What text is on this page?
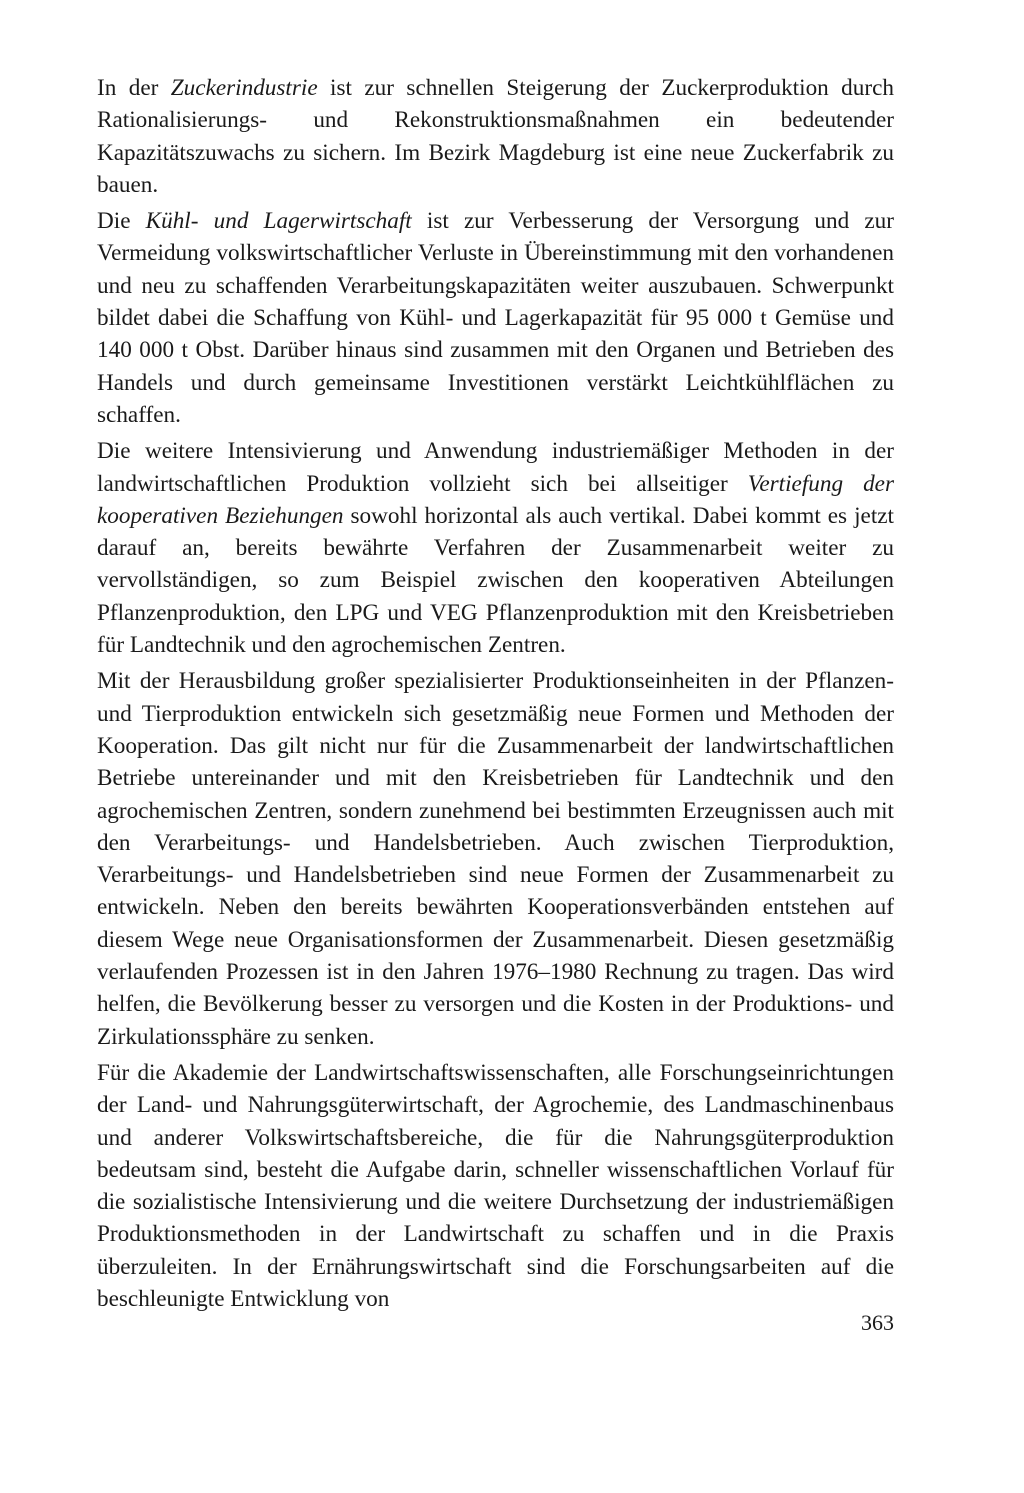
In der Zuckerindustrie ist zur schnellen Steigerung der Zuckerproduktion durch Rationalisierungs- und Rekonstruktionsmaßnahmen ein bedeutender Kapazitätszuwachs zu sichern. Im Bezirk Magdeburg ist eine neue Zuckerfabrik zu bauen.

Die Kühl- und Lagerwirtschaft ist zur Verbesserung der Versorgung und zur Vermeidung volkswirtschaftlicher Verluste in Übereinstimmung mit den vorhandenen und neu zu schaffenden Verarbeitungskapazitäten weiter auszubauen. Schwerpunkt bildet dabei die Schaffung von Kühl- und Lagerkapazität für 95 000 t Gemüse und 140 000 t Obst. Darüber hinaus sind zusammen mit den Organen und Betrieben des Handels und durch gemeinsame Investitionen verstärkt Leichtkühlflächen zu schaffen.

Die weitere Intensivierung und Anwendung industriemäßiger Methoden in der landwirtschaftlichen Produktion vollzieht sich bei allseitiger Vertiefung der kooperativen Beziehungen sowohl horizontal als auch vertikal. Dabei kommt es jetzt darauf an, bereits bewährte Verfahren der Zusammenarbeit weiter zu vervollständigen, so zum Beispiel zwischen den kooperativen Abteilungen Pflanzenproduktion, den LPG und VEG Pflanzenproduktion mit den Kreisbetrieben für Landtechnik und den agrochemischen Zentren.

Mit der Herausbildung großer spezialisierter Produktionseinheiten in der Pflanzen- und Tierproduktion entwickeln sich gesetzmäßig neue Formen und Methoden der Kooperation. Das gilt nicht nur für die Zusammenarbeit der landwirtschaftlichen Betriebe untereinander und mit den Kreisbetrieben für Landtechnik und den agrochemischen Zentren, sondern zunehmend bei bestimmten Erzeugnissen auch mit den Verarbeitungs- und Handelsbetrieben. Auch zwischen Tierproduktion, Verarbeitungs- und Handelsbetrieben sind neue Formen der Zusammenarbeit zu entwickeln. Neben den bereits bewährten Kooperationsverbänden entstehen auf diesem Wege neue Organisationsformen der Zusammenarbeit. Diesen gesetzmäßig verlaufenden Prozessen ist in den Jahren 1976–1980 Rechnung zu tragen. Das wird helfen, die Bevölkerung besser zu versorgen und die Kosten in der Produktions- und Zirkulationssphäre zu senken.

Für die Akademie der Landwirtschaftswissenschaften, alle Forschungseinrichtungen der Land- und Nahrungsgüterwirtschaft, der Agrochemie, des Landmaschinenbaus und anderer Volkswirtschaftsbereiche, die für die Nahrungsgüterproduktion bedeutsam sind, besteht die Aufgabe darin, schneller wissenschaftlichen Vorlauf für die sozialistische Intensivierung und die weitere Durchsetzung der industriemäßigen Produktionsmethoden in der Landwirtschaft zu schaffen und in die Praxis überzuleiten. In der Ernährungswirtschaft sind die Forschungsarbeiten auf die beschleunigte Entwicklung von

363
